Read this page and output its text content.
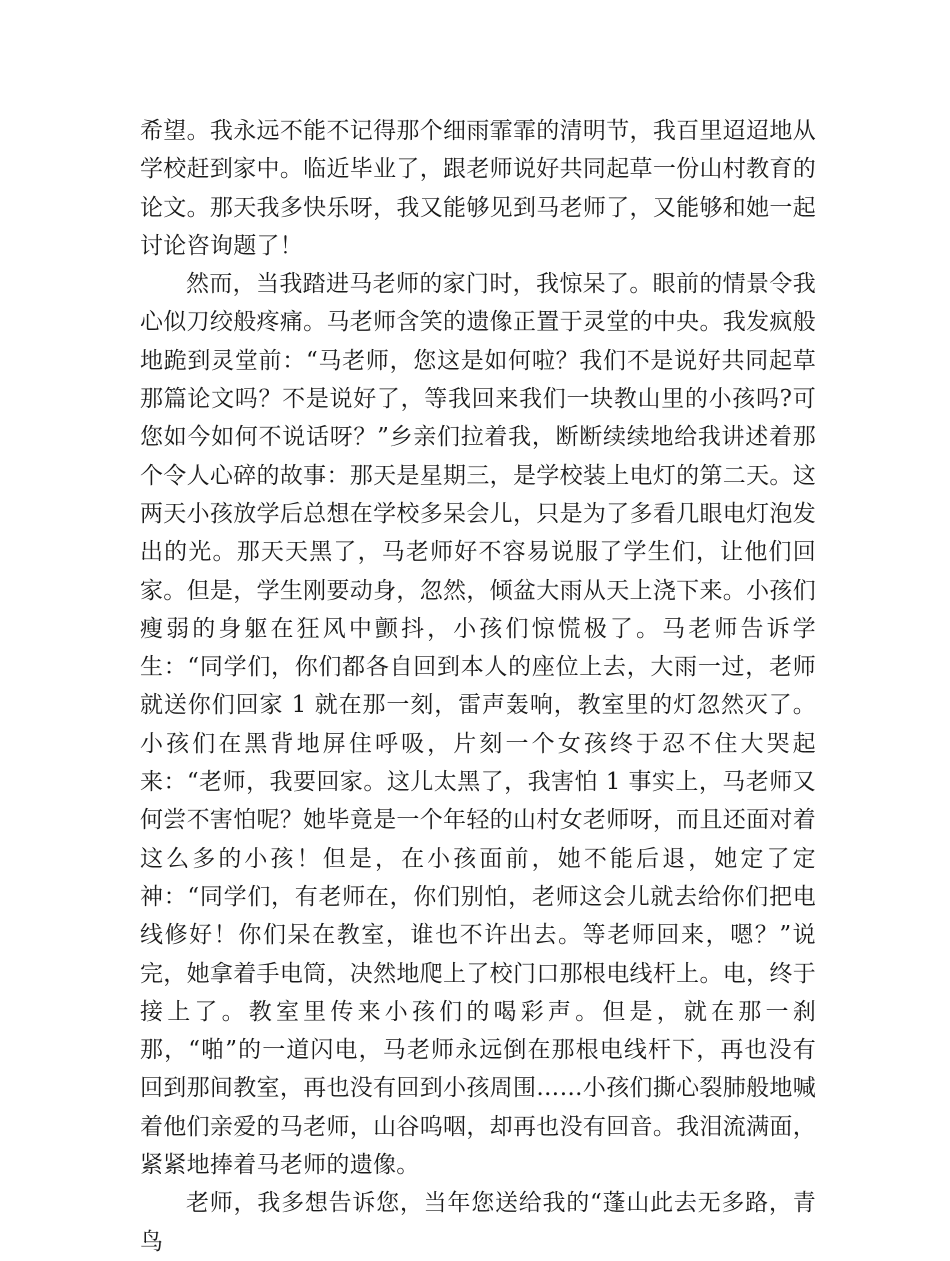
希望。我永远不能不记得那个细雨霏霏的清明节，我百里迢迢地从学校赶到家中。临近毕业了，跟老师说好共同起草一份山村教育的论文。那天我多快乐呀，我又能够见到马老师了，又能够和她一起讨论咨询题了！

然而，当我踏进马老师的家门时，我惊呆了。眼前的情景令我心似刀绞般疼痛。马老师含笑的遗像正置于灵堂的中央。我发疯般地跪到灵堂前：“马老师，您这是如何啦？我们不是说好共同起草那篇论文吗？不是说好了，等我回来我们一块教山里的小孩吗?可您如今如何不说话呀？”乡亲们拉着我，断断续续地给我讲述着那个令人心碎的故事：那天是星期三，是学校装上电灯的第二天。这两天小孩放学后总想在学校多呆会儿，只是为了多看几眼电灯泡发出的光。那天天黑了，马老师好不容易说服了学生们，让他们回家。但是，学生刚要动身，忽然，倾盆大雨从天上浇下来。小孩们瘦弱的身躯在狂风中颤抖，小孩们惊慌极了。马老师告诉学生：“同学们，你们都各自回到本人的座位上去，大雨一过，老师就送你们回家 1 就在那一刻，雷声轰响，教室里的灯忽然灭了。小孩们在黑背地屏住呼吸，片刻一个女孩终于忍不住大哭起来：“老师，我要回家。这儿太黑了，我害怕 1 事实上，马老师又何尝不害怕呢？她毕竟是一个年轻的山村女老师呀，而且还面对着这么多的小孩！但是，在小孩面前，她不能后退，她定了定神：“同学们，有老师在，你们别怕，老师这会儿就去给你们把电线修好！你们呆在教室，谁也不许出去。等老师回来，嗯？”说完，她拿着手电筒，决然地爬上了校门口那根电线杆上。电，终于接上了。教室里传来小孩们的喝彩声。但是，就在那一刹那，“啪”的一道闪电，马老师永远倒在那根电线杆下，再也没有回到那间教室，再也没有回到小孩周围……小孩们撕心裂肺般地喊着他们亲爱的马老师，山谷呜咽，却再也没有回音。我泪流满面，紧紧地捧着马老师的遗像。

老师，我多想告诉您，当年您送给我的“蓬山此去无多路，青鸟
